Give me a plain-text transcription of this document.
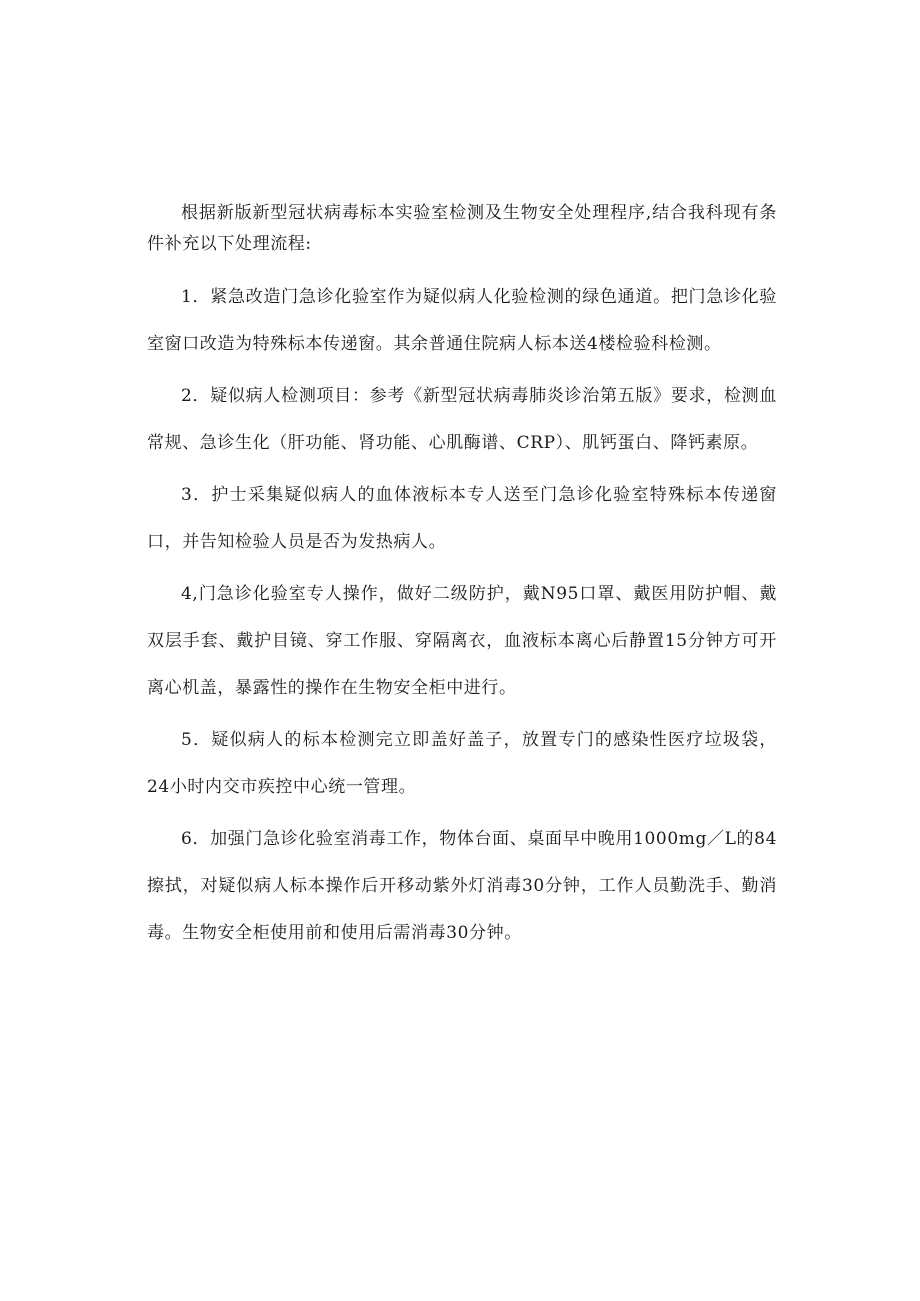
根据新版新型冠状病毒标本实验室检测及生物安全处理程序,结合我科现有条件补充以下处理流程:

1．紧急改造门急诊化验室作为疑似病人化验检测的绿色通道。把门急诊化验室窗口改造为特殊标本传递窗。其余普通住院病人标本送4楼检验科检测。

2．疑似病人检测项目：参考《新型冠状病毒肺炎诊治第五版》要求，检测血常规、急诊生化（肝功能、肾功能、心肌酶谱、CRP）、肌钙蛋白、降钙素原。

3．护士采集疑似病人的血体液标本专人送至门急诊化验室特殊标本传递窗口，并告知检验人员是否为发热病人。

4,门急诊化验室专人操作，做好二级防护，戴N95口罩、戴医用防护帽、戴双层手套、戴护目镜、穿工作服、穿隔离衣，血液标本离心后静置15分钟方可开离心机盖，暴露性的操作在生物安全柜中进行。

5．疑似病人的标本检测完立即盖好盖子，放置专门的感染性医疗垃圾袋，24小时内交市疾控中心统一管理。

6．加强门急诊化验室消毒工作，物体台面、桌面早中晚用1000mg／L的84擦拭，对疑似病人标本操作后开移动紫外灯消毒30分钟，工作人员勤洗手、勤消毒。生物安全柜使用前和使用后需消毒30分钟。
